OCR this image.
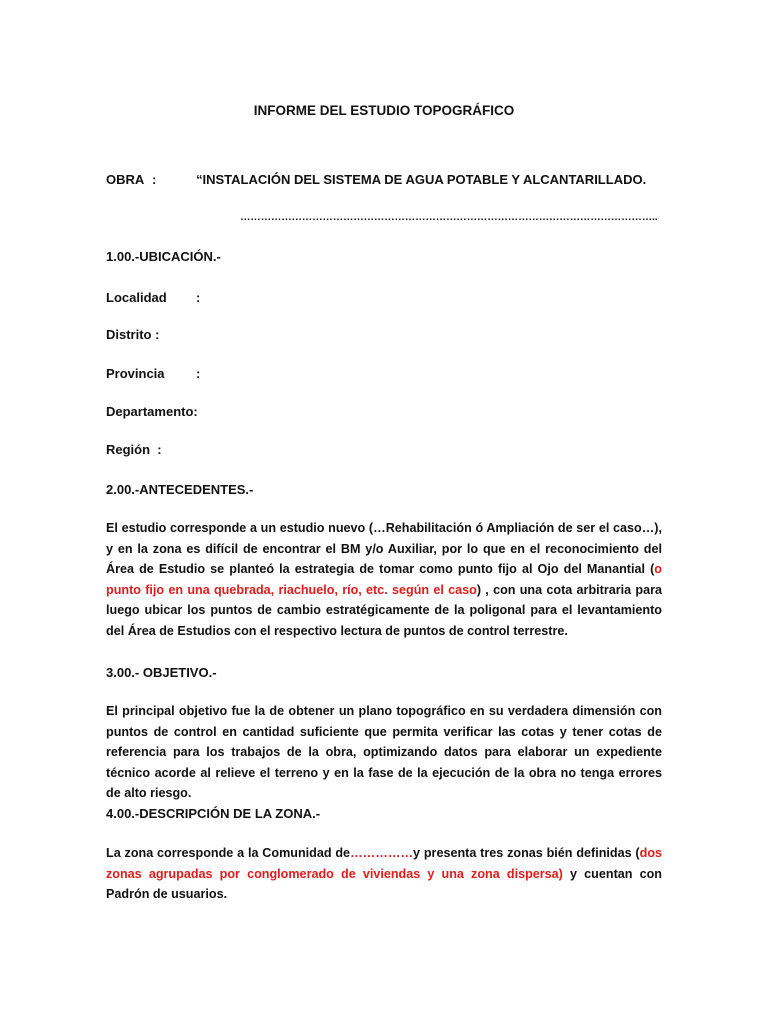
INFORME DEL ESTUDIO TOPOGRÁFICO
OBRA :	“INSTALACIÓN DEL SISTEMA DE AGUA POTABLE Y ALCANTARILLADO.
…………………………………………………………………………………………………………..
1.00.-UBICACIÓN.-
Localidad :
Distrito :
Provincia :
Departamento:
Región  :
2.00.-ANTECEDENTES.-
El estudio corresponde a un estudio nuevo (…Rehabilitación ó Ampliación de ser el caso…), y en la zona es difícil de encontrar el BM y/o Auxiliar, por lo que en el reconocimiento del Área de Estudio se planteó la estrategia de tomar como punto fijo al Ojo del Manantial (o punto fijo en una quebrada, riachuelo, río, etc. según el caso) , con una cota arbitraria para luego ubicar los puntos de cambio estratégicamente de la poligonal para el levantamiento del Área de Estudios con el respectivo lectura de puntos de control terrestre.
3.00.- OBJETIVO.-
El principal objetivo fue la de obtener un plano topográfico en su verdadera dimensión con puntos de control en cantidad suficiente que permita verificar las cotas y tener cotas de referencia para los trabajos de la obra, optimizando datos para elaborar un expediente técnico acorde al relieve el terreno y en la fase de la ejecución de la obra no tenga errores de alto riesgo.
4.00.-DESCRIPCIÓN DE LA ZONA.-
La zona corresponde a la Comunidad de……………y presenta tres zonas bién definidas (dos zonas agrupadas por conglomerado de viviendas y una zona dispersa) y cuentan con Padrón de usuarios.
